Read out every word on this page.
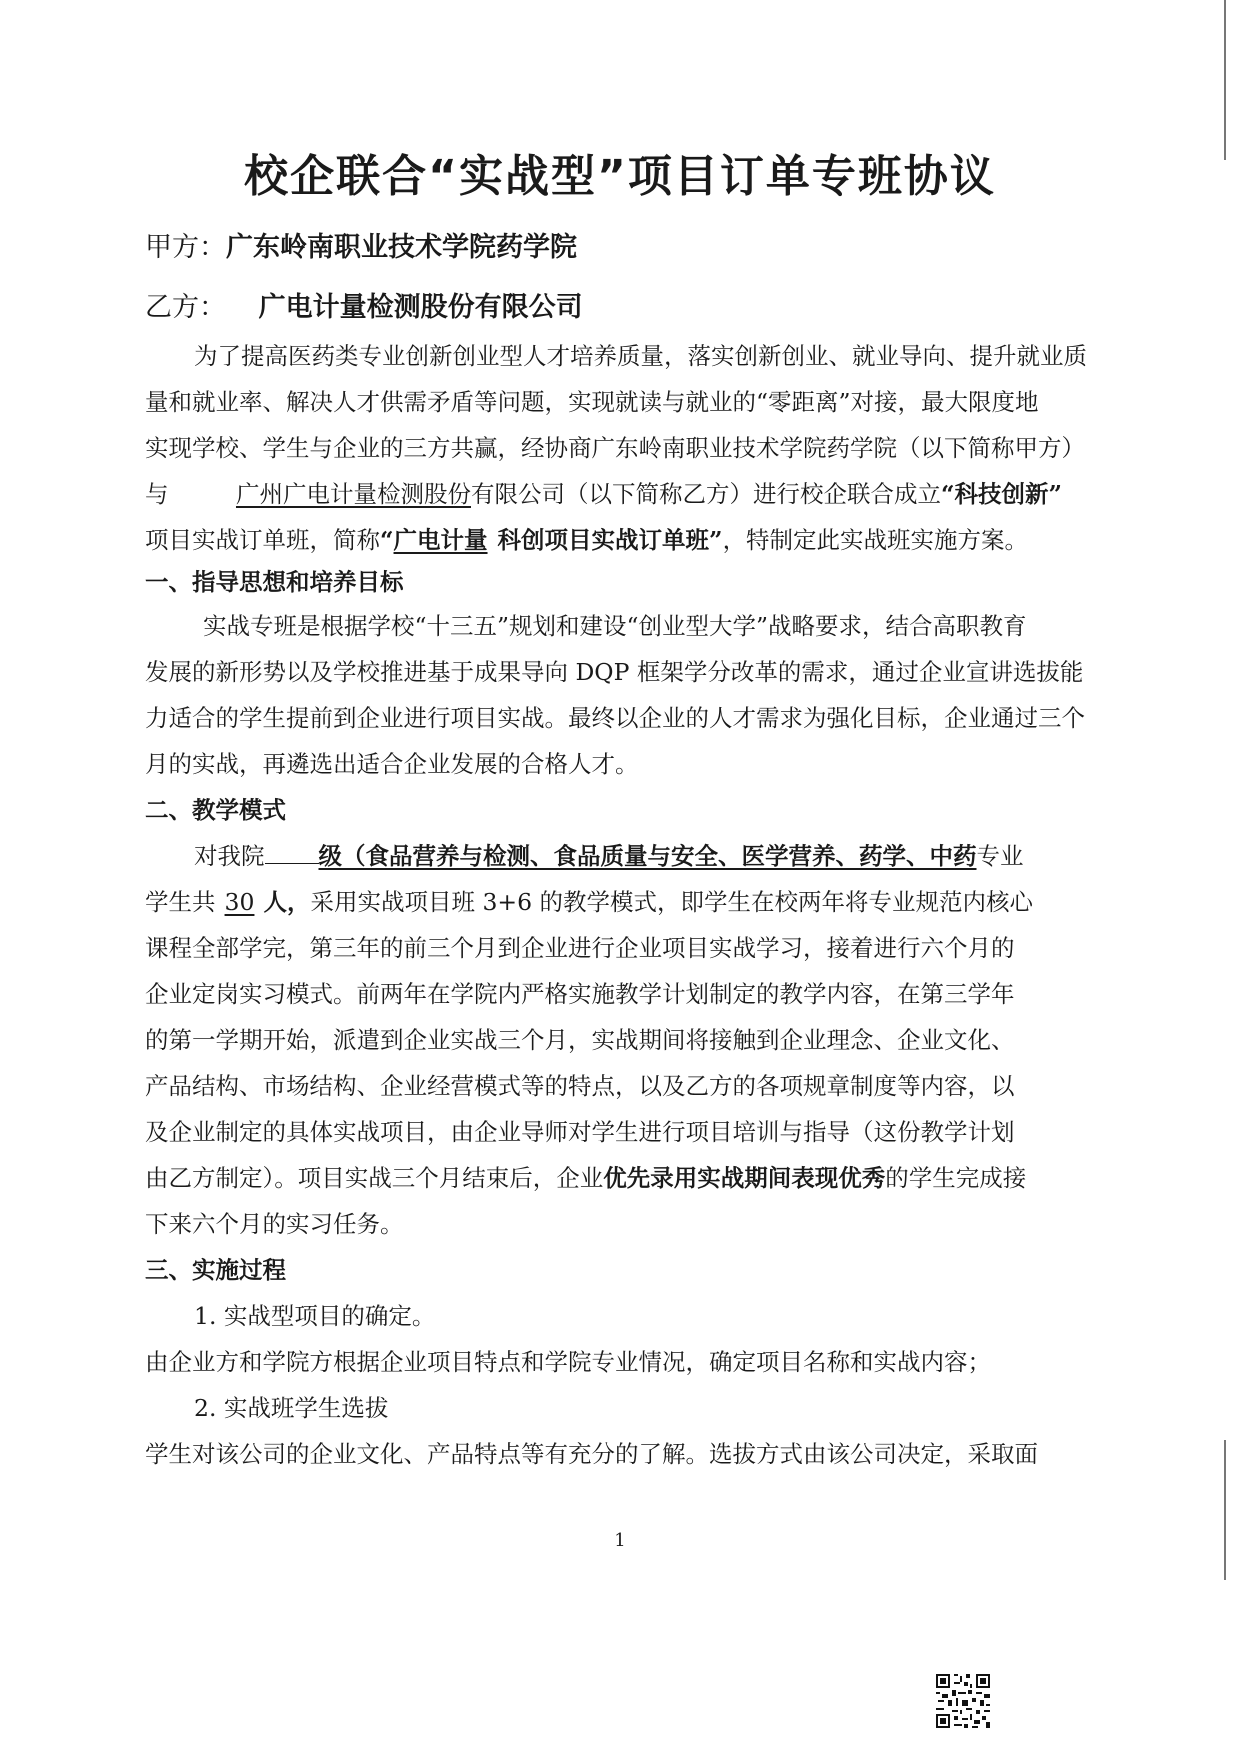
校企联合“实战型”项目订单专班协议
甲方：广东岭南职业技术学院药学院
乙方： 广电计量检测股份有限公司
为了提高医药类专业创新创业型人才培养质量，落实创新创业、就业导向、提升就业质
量和就业率、解决人才供需矛盾等问题，实现就读与就业的“零距离”对接，最大限度地
实现学校、学生与企业的三方共赢，经协商广东岭南职业技术学院药学院（以下简称甲方）
与	广州广电计量检测股份有限公司（以下简称乙方）进行校企联合成立“科技创新”
项目实战订单班，简称“广电计量 科创项目实战订单班”，特制定此实战班实施方案。
一、指导思想和培养目标
实战专班是根据学校“十三五”规划和建设“创业型大学”战略要求，结合高职教育
发展的新形势以及学校推进基于成果导向 DQP 框架学分改革的需求，通过企业宣讲选拔能
力适合的学生提前到企业进行项目实战。最终以企业的人才需求为强化目标，企业通过三个
月的实战，再遴选出适合企业发展的合格人才。
二、教学模式
对我院 级（食品营养与检测、食品质量与安全、医学营养、药学、中药专业
学生共 30 人，采用实战项目班 3+6 的教学模式，即学生在校两年将专业规范内核心
课程全部学完，第三年的前三个月到企业进行企业项目实战学习，接着进行六个月的
企业定岗实习模式。前两年在学院内严格实施教学计划制定的教学内容，在第三学年
的第一学期开始，派遣到企业实战三个月，实战期间将接触到企业理念、企业文化、
产品结构、市场结构、企业经营模式等的特点，以及乙方的各项规章制度等内容，以
及企业制定的具体实战项目，由企业导师对学生进行项目培训与指导（这份教学计划
由乙方制定）。项目实战三个月结束后，企业优先录用实战期间表现优秀的学生完成接
下来六个月的实习任务。
三、实施过程
1. 实战型项目的确定。
由企业方和学院方根据企业项目特点和学院专业情况，确定项目名称和实战内容；
2. 实战班学生选拔
学生对该公司的企业文化、产品特点等有充分的了解。选拔方式由该公司决定，采取面
1
